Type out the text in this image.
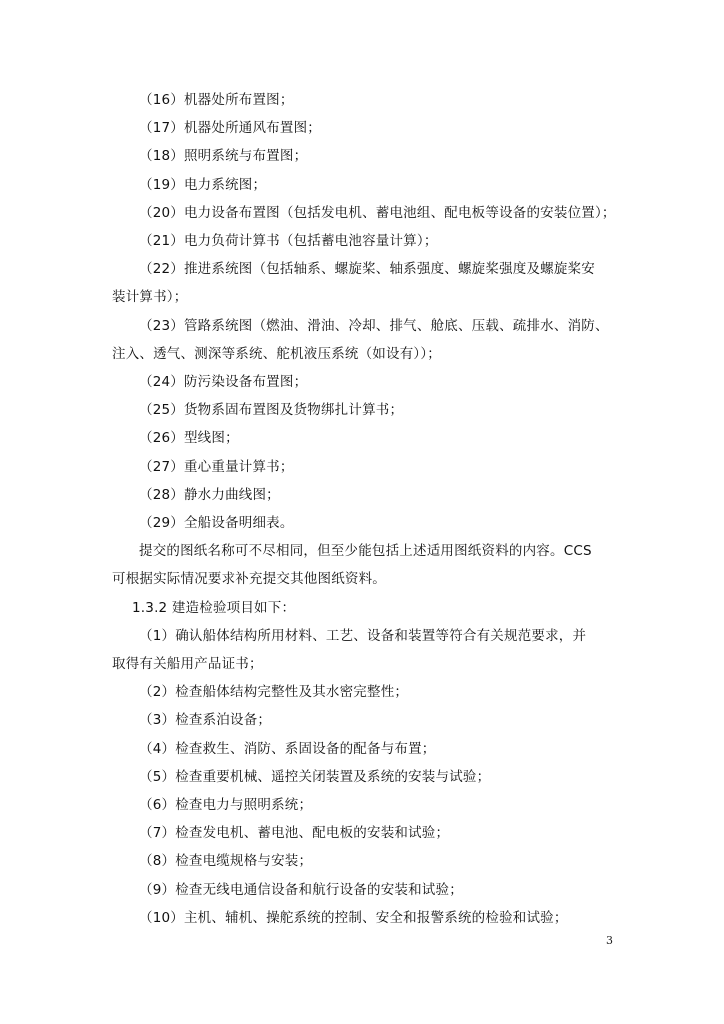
（16）机器处所布置图；
（17）机器处所通风布置图；
（18）照明系统与布置图；
（19）电力系统图；
（20）电力设备布置图（包括发电机、蓄电池组、配电板等设备的安装位置）；
（21）电力负荷计算书（包括蓄电池容量计算）；
（22）推进系统图（包括轴系、螺旋桨、轴系强度、螺旋桨强度及螺旋桨安
装计算书）；
（23）管路系统图（燃油、滑油、冷却、排气、舱底、压载、疏排水、消防、
注入、透气、测深等系统、舵机液压系统（如设有））；
（24）防污染设备布置图；
（25）货物系固布置图及货物绑扎计算书；
（26）型线图；
（27）重心重量计算书；
（28）静水力曲线图；
（29）全船设备明细表。
提交的图纸名称可不尽相同，但至少能包括上述适用图纸资料的内容。CCS
可根据实际情况要求补充提交其他图纸资料。
1.3.2 建造检验项目如下：
（1）确认船体结构所用材料、工艺、设备和装置等符合有关规范要求，并
取得有关船用产品证书；
（2）检查船体结构完整性及其水密完整性；
（3）检查系泊设备；
（4）检查救生、消防、系固设备的配备与布置；
（5）检查重要机械、遥控关闭装置及系统的安装与试验；
（6）检查电力与照明系统；
（7）检查发电机、蓄电池、配电板的安装和试验；
（8）检查电缆规格与安装；
（9）检查无线电通信设备和航行设备的安装和试验；
（10）主机、辅机、操舵系统的控制、安全和报警系统的检验和试验；
3
